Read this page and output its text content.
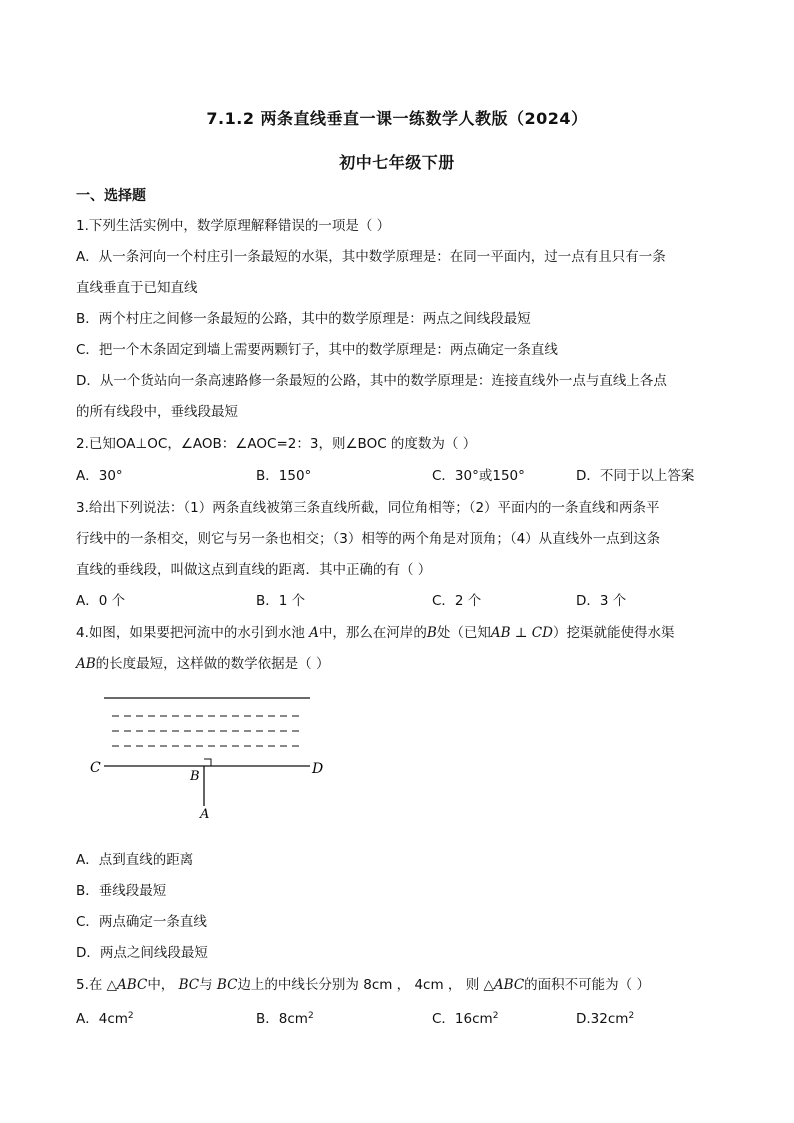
7.1.2 两条直线垂直一课一练数学人教版（2024）
初中七年级下册
一、选择题
1.下列生活实例中，数学原理解释错误的一项是（ ）
A．从一条河向一个村庄引一条最短的水渠，其中数学原理是：在同一平面内，过一点有且只有一条
直线垂直于已知直线
B．两个村庄之间修一条最短的公路，其中的数学原理是：两点之间线段最短
C．把一个木条固定到墙上需要两颗钉子，其中的数学原理是：两点确定一条直线
D．从一个货站向一条高速路修一条最短的公路，其中的数学原理是：连接直线外一点与直线上各点
的所有线段中，垂线段最短
2.已知OA⊥OC，∠AOB：∠AOC=2：3，则∠BOC 的度数为（ ）
A．30°	B．150°	C．30°或150°	D．不同于以上答案
3.给出下列说法：（1）两条直线被第三条直线所截，同位角相等；（2）平面内的一条直线和两条平
行线中的一条相交，则它与另一条也相交；（3）相等的两个角是对顶角；（4）从直线外一点到这条
直线的垂线段，叫做这点到直线的距离．其中正确的有（ ）
A．0 个	B．1 个	C．2 个	D．3 个
4.如图，如果要把河流中的水引到水池 A中，那么在河岸的B处（已知AB ⊥ CD）挖渠就能使得水渠
AB的长度最短，这样做的数学依据是（ ）
C
B	D
A
A．点到直线的距离
B．垂线段最短
C．两点确定一条直线
D．两点之间线段最短
5.在 △ABC中， BC与 BC边上的中线长分别为 8cm ， 4cm ， 则 △ABC的面积不可能为（ ）
A．$4cm^2$	B．$8cm^2$	C．$16cm^2$	$D.32cm^2$
